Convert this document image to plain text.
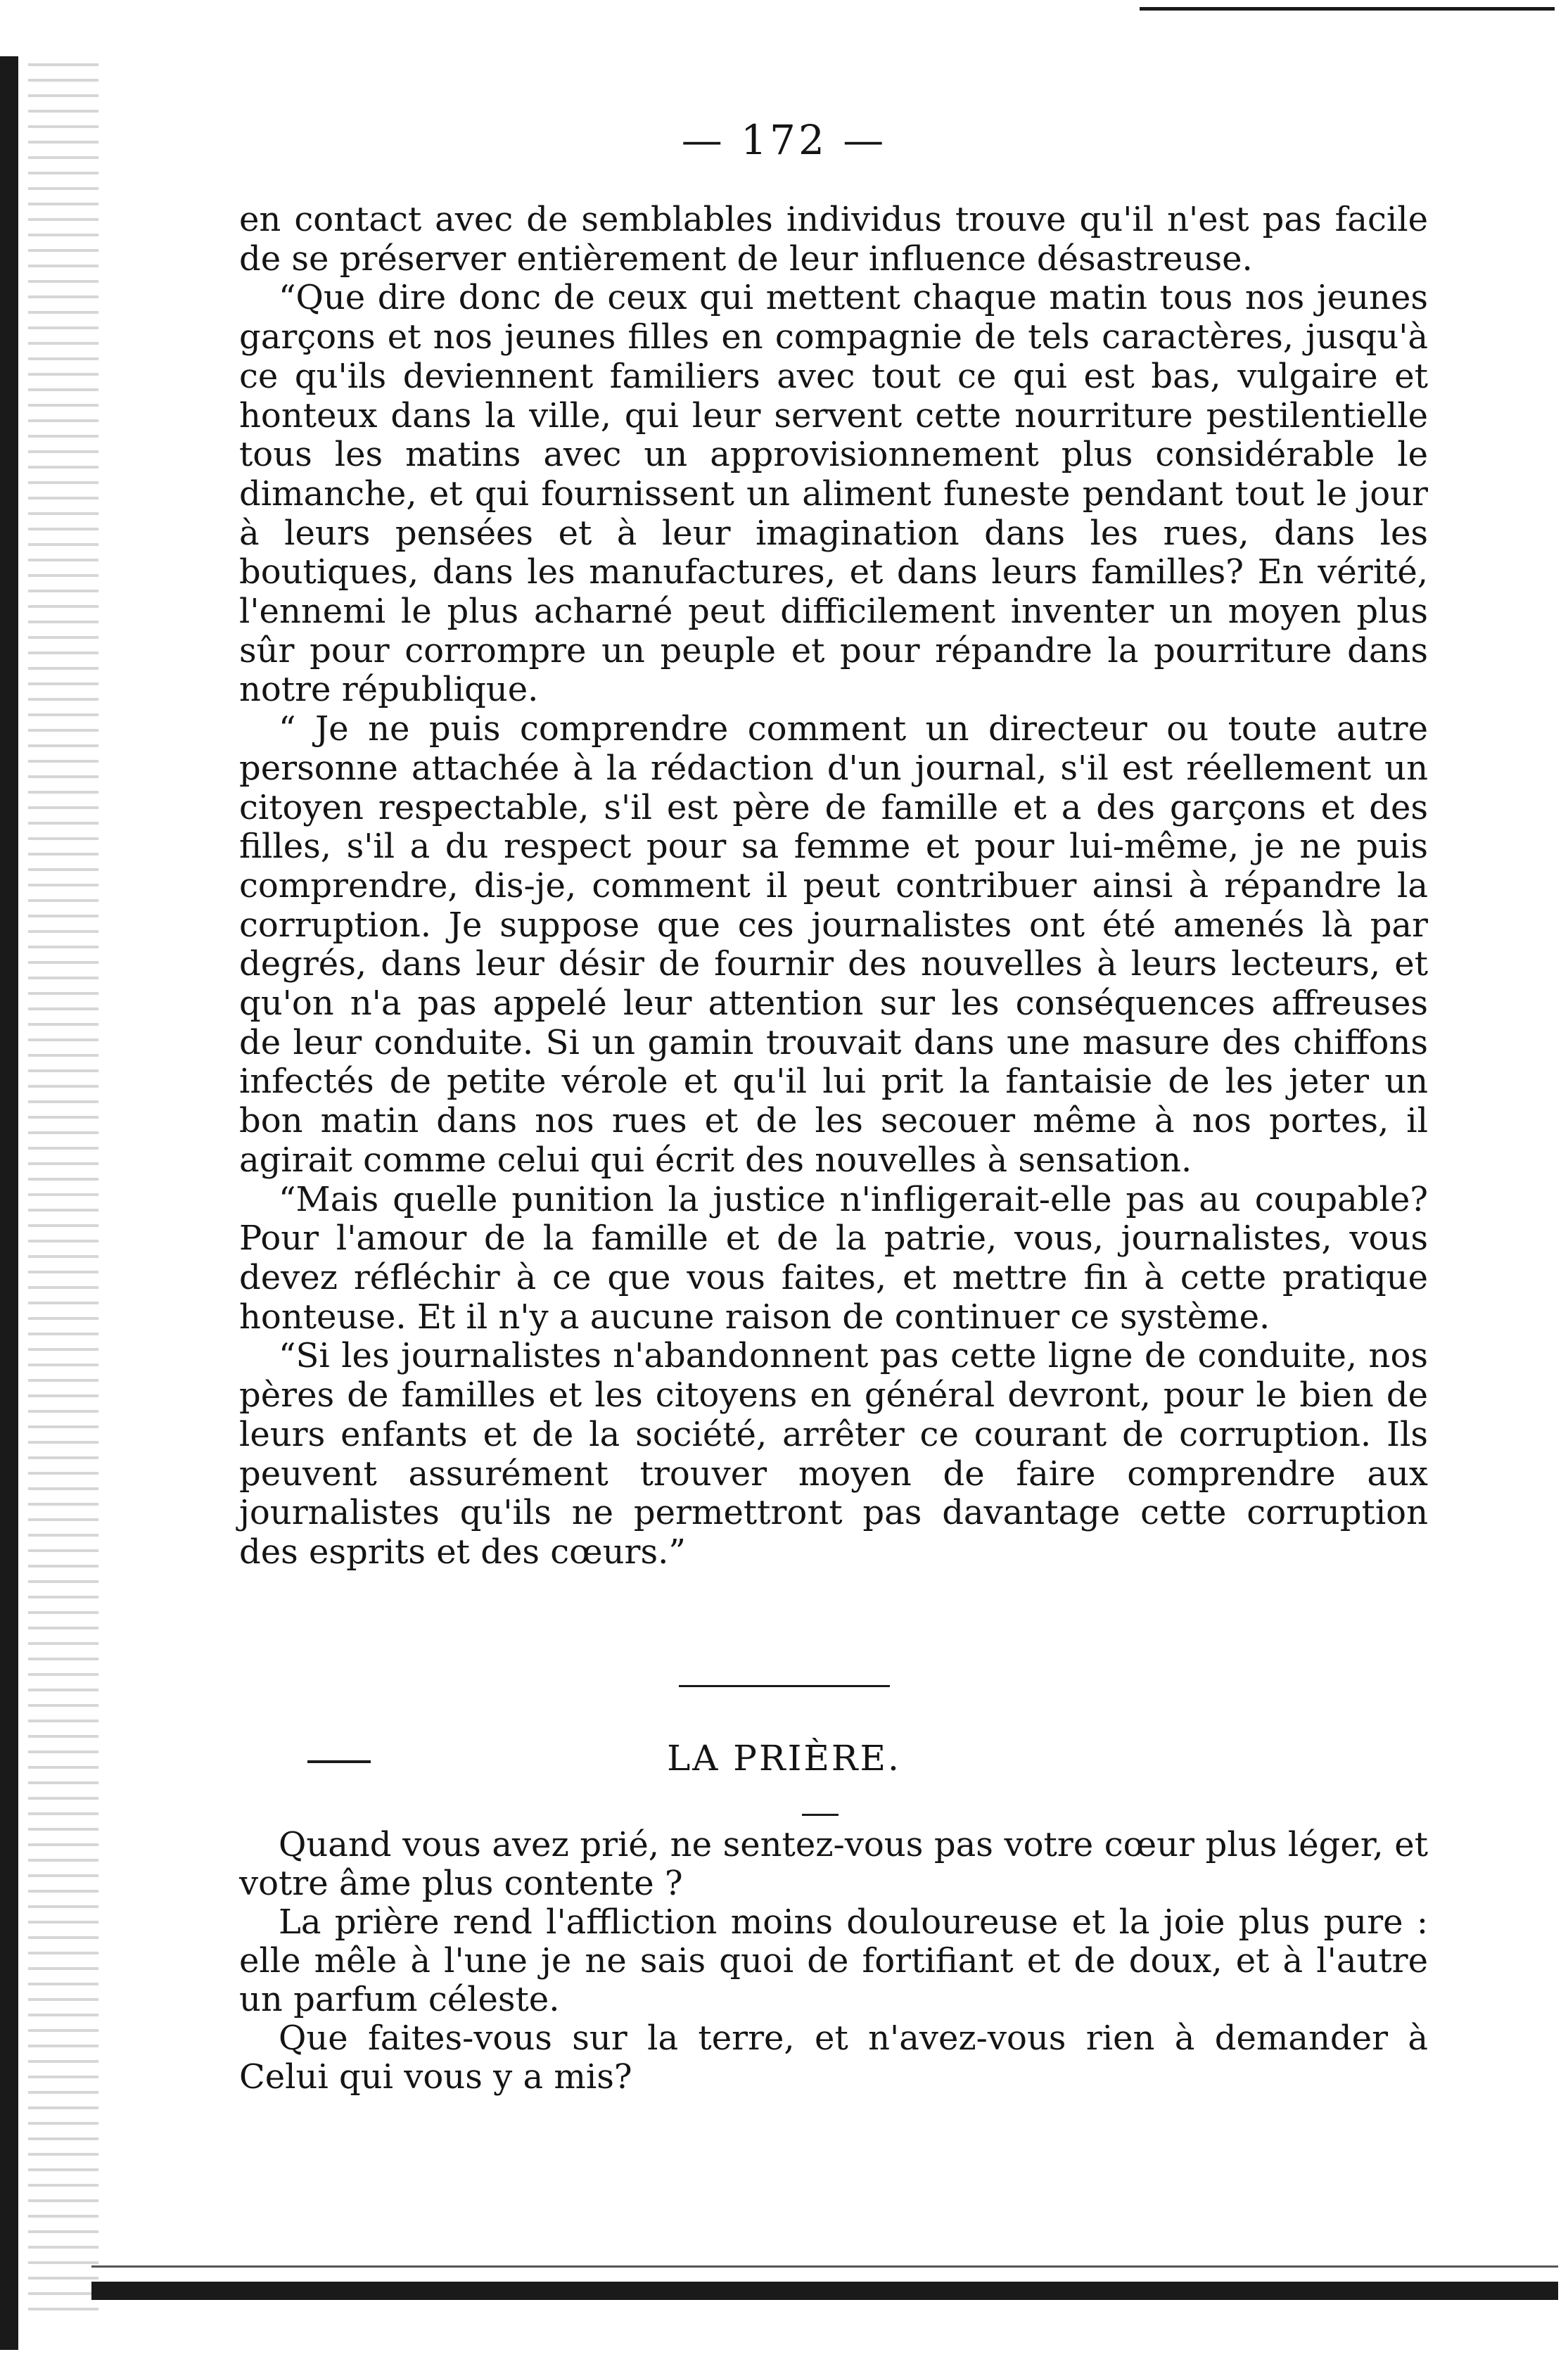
— 172 —

en contact avec de semblables individus trouve qu'il n'est pas facile de se préserver entièrement de leur influence désastreuse.

“Que dire donc de ceux qui mettent chaque matin tous nos jeunes garçons et nos jeunes filles en compagnie de tels caractères, jusqu'à ce qu'ils deviennent familiers avec tout ce qui est bas, vulgaire et honteux dans la ville, qui leur servent cette nourriture pestilentielle tous les matins avec un approvisionnement plus considérable le dimanche, et qui fournissent un aliment funeste pendant tout le jour à leurs pensées et à leur imagination dans les rues, dans les boutiques, dans les manufactures, et dans leurs familles? En vérité, l'ennemi le plus acharné peut difficilement inventer un moyen plus sûr pour corrompre un peuple et pour répandre la pourriture dans notre république.

“ Je ne puis comprendre comment un directeur ou toute autre personne attachée à la rédaction d'un journal, s'il est réellement un citoyen respectable, s'il est père de famille et a des garçons et des filles, s'il a du respect pour sa femme et pour lui-même, je ne puis comprendre, dis-je, comment il peut contribuer ainsi à répandre la corruption. Je suppose que ces journalistes ont été amenés là par degrés, dans leur désir de fournir des nouvelles à leurs lecteurs, et qu'on n'a pas appelé leur attention sur les conséquences affreuses de leur conduite. Si un gamin trouvait dans une masure des chiffons infectés de petite vérole et qu'il lui prit la fantaisie de les jeter un bon matin dans nos rues et de les secouer même à nos portes, il agirait comme celui qui écrit des nouvelles à sensation.

“Mais quelle punition la justice n'infligerait-elle pas au coupable? Pour l'amour de la famille et de la patrie, vous, journalistes, vous devez réfléchir à ce que vous faites, et mettre fin à cette pratique honteuse. Et il n'y a aucune raison de continuer ce système.

“Si les journalistes n'abandonnent pas cette ligne de conduite, nos pères de familles et les citoyens en général devront, pour le bien de leurs enfants et de la société, arrêter ce courant de corruption. Ils peuvent assurément trouver moyen de faire comprendre aux journalistes qu'ils ne permettront pas davantage cette corruption des esprits et des cœurs.”

LA PRIÈRE.

Quand vous avez prié, ne sentez-vous pas votre cœur plus léger, et votre âme plus contente ?

La prière rend l'affliction moins douloureuse et la joie plus pure : elle mêle à l'une je ne sais quoi de fortifiant et de doux, et à l'autre un parfum céleste.

Que faites-vous sur la terre, et n'avez-vous rien à demander à Celui qui vous y a mis?
